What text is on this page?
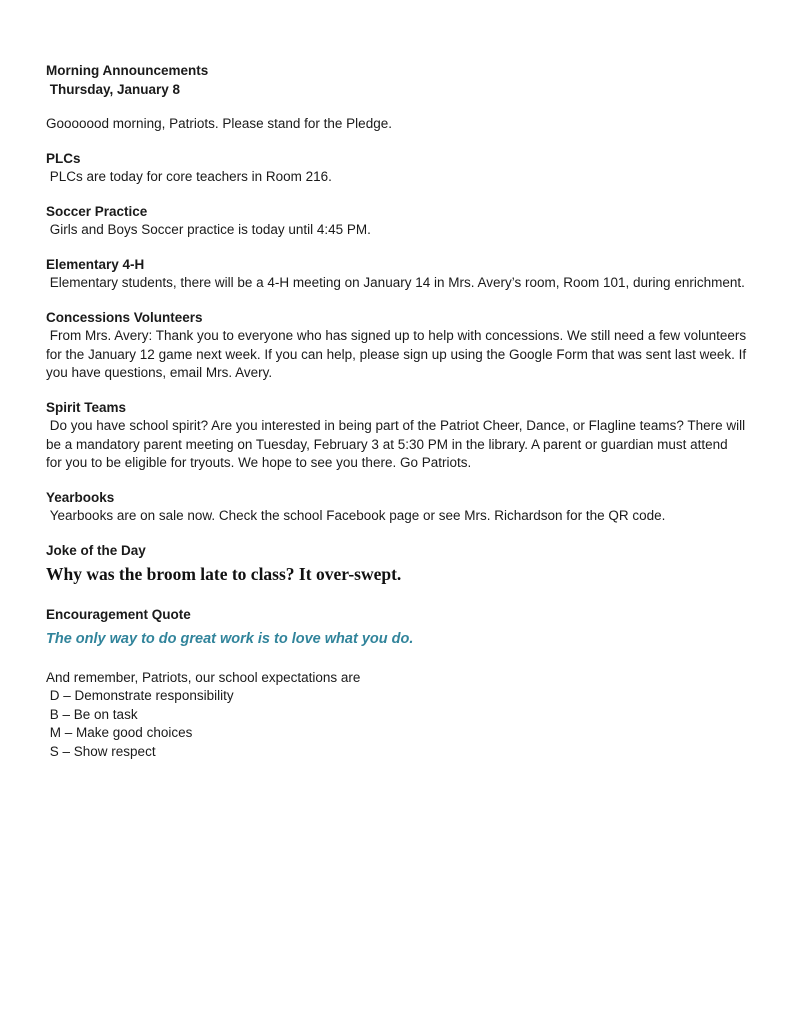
Morning Announcements
Thursday, January 8
Gooooood morning, Patriots. Please stand for the Pledge.
PLCs
PLCs are today for core teachers in Room 216.
Soccer Practice
Girls and Boys Soccer practice is today until 4:45 PM.
Elementary 4-H
Elementary students, there will be a 4-H meeting on January 14 in Mrs. Avery’s room, Room 101, during enrichment.
Concessions Volunteers
From Mrs. Avery: Thank you to everyone who has signed up to help with concessions. We still need a few volunteers for the January 12 game next week. If you can help, please sign up using the Google Form that was sent last week. If you have questions, email Mrs. Avery.
Spirit Teams
Do you have school spirit? Are you interested in being part of the Patriot Cheer, Dance, or Flagline teams? There will be a mandatory parent meeting on Tuesday, February 3 at 5:30 PM in the library. A parent or guardian must attend for you to be eligible for tryouts. We hope to see you there. Go Patriots.
Yearbooks
Yearbooks are on sale now. Check the school Facebook page or see Mrs. Richardson for the QR code.
Joke of the Day
Why was the broom late to class? It over-swept.
Encouragement Quote
The only way to do great work is to love what you do.
And remember, Patriots, our school expectations are
D – Demonstrate responsibility
B – Be on task
M – Make good choices
S – Show respect
